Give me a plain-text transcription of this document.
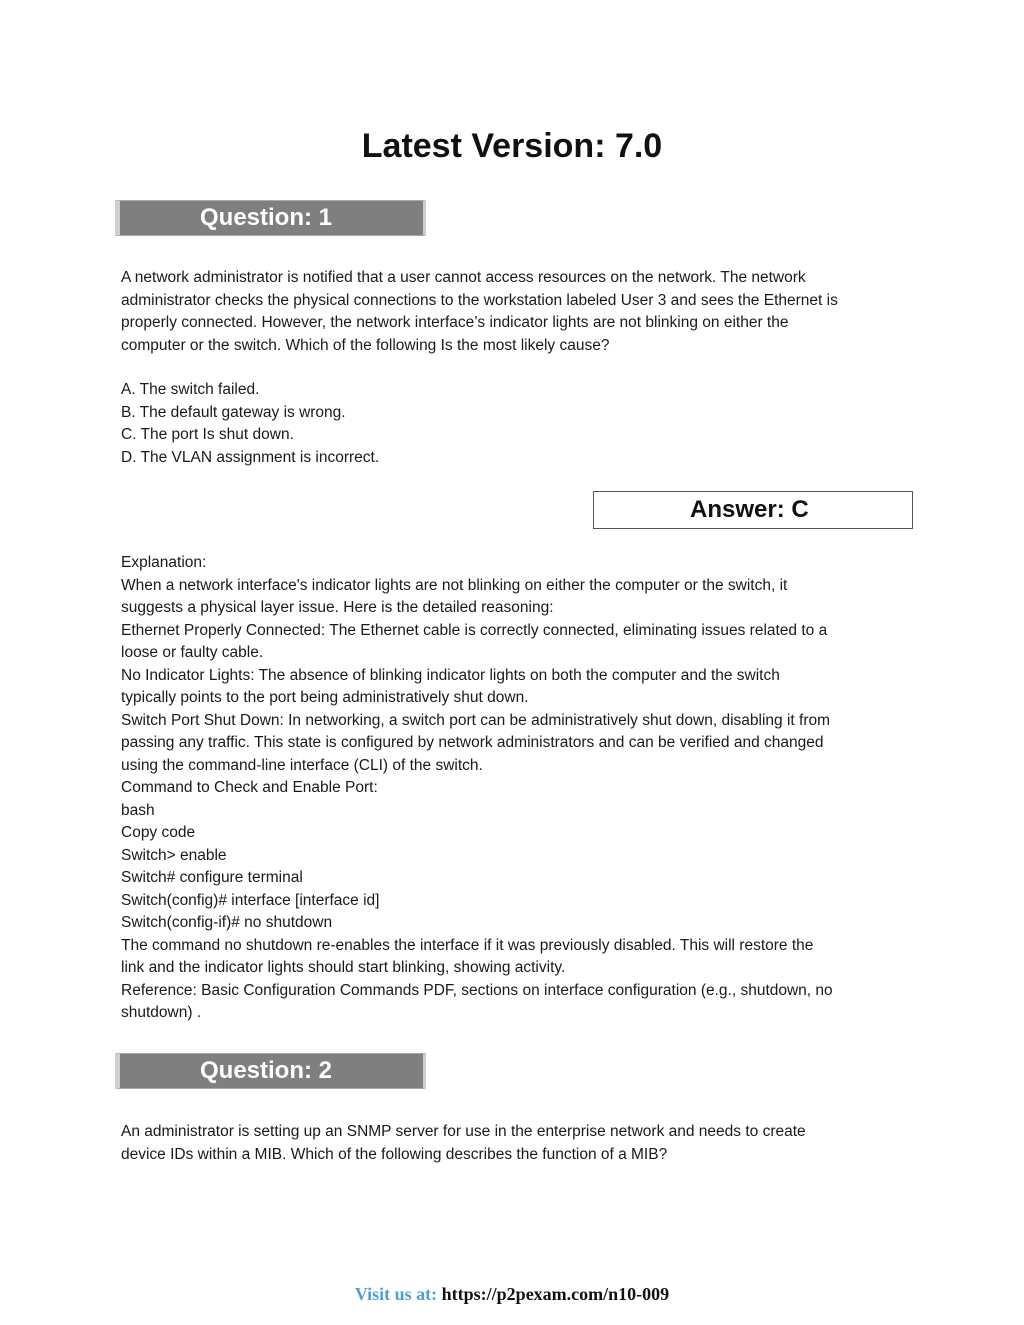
Latest Version: 7.0
Question: 1

A network administrator is notified that a user cannot access resources on the network. The network

administrator checks the physical connections to the workstation labeled User 3 and sees the Ethernet is

properly connected. However, the network interface’s indicator lights are not blinking on either the

computer or the switch. Which of the following Is the most likely cause?

A. The switch failed.

B. The default gateway is wrong.

C. The port Is shut down.

D. The VLAN assignment is incorrect.

Answer: C

Explanation:

When a network interface's indicator lights are not blinking on either the computer or the switch, it

suggests a physical layer issue. Here is the detailed reasoning:

Ethernet Properly Connected: The Ethernet cable is correctly connected, eliminating issues related to a

loose or faulty cable.

No Indicator Lights: The absence of blinking indicator lights on both the computer and the switch

typically points to the port being administratively shut down.

Switch Port Shut Down: In networking, a switch port can be administratively shut down, disabling it from

passing any traffic. This state is configured by network administrators and can be verified and changed

using the command-line interface (CLI) of the switch.

Command to Check and Enable Port:

bash

Copy code

Switch> enable

Switch# configure terminal

Switch(config)# interface [interface id]

Switch(config-if)# no shutdown

The command no shutdown re-enables the interface if it was previously disabled. This will restore the

link and the indicator lights should start blinking, showing activity.

Reference: Basic Configuration Commands PDF, sections on interface configuration (e.g., shutdown, no

shutdown) .

Question: 2

An administrator is setting up an SNMP server for use in the enterprise network and needs to create

device IDs within a MIB. Which of the following describes the function of a MIB?

Visit us at: https://p2pexam.com/n10-009
